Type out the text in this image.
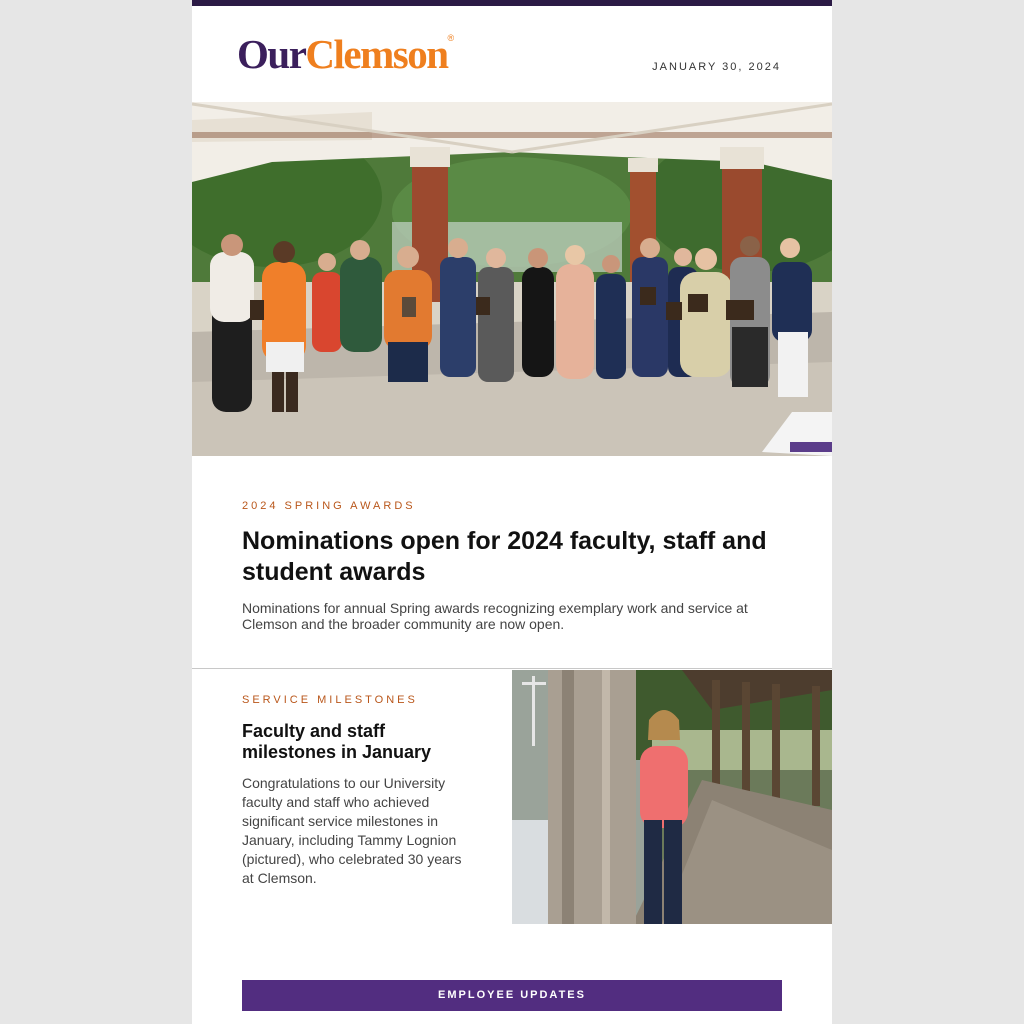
OurClemson®
JANUARY 30, 2024
2024 SPRING AWARDS
Nominations open for 2024 faculty, staff and student awards

Nominations for annual Spring awards recognizing exemplary work and service at Clemson and the broader community are now open.

SERVICE MILESTONES
Faculty and staff milestones in January

Congratulations to our University faculty and staff who achieved significant service milestones in January, including Tammy Lognion (pictured), who celebrated 30 years at Clemson.

EMPLOYEE UPDATES
